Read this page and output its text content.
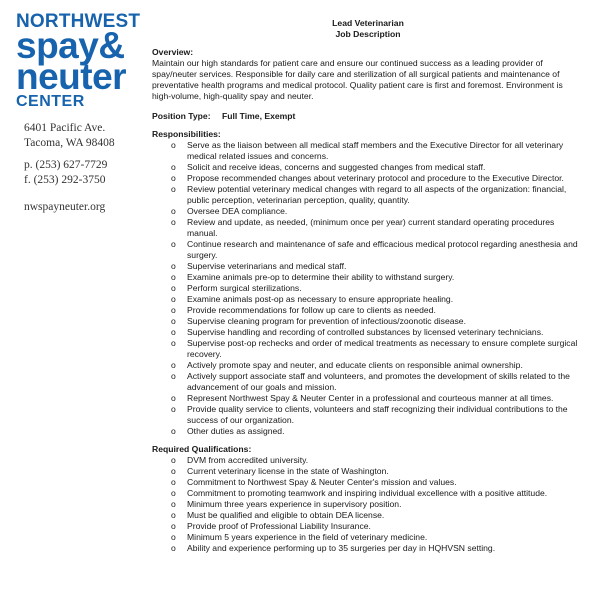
NORTHWEST
spay&
neuter
CENTER
6401 Pacific Ave.
Tacoma, WA 98408
p. (253) 627-7729
f. (253) 292-3750
nwspayneuter.org
Lead Veterinarian
Job Description
Overview:
Maintain our high standards for patient care and ensure our continued success as a leading provider of spay/neuter services. Responsible for daily care and sterilization of all surgical patients and maintenance of preventative health programs and medical protocol. Quality patient care is first and foremost. Environment is high-volume, high-quality spay and neuter.
Position Type:	Full Time, Exempt
Responsibilities:
o Serve as the liaison between all medical staff members and the Executive Director for all veterinary medical related issues and concerns.
o Solicit and receive ideas, concerns and suggested changes from medical staff.
o Propose recommended changes about veterinary protocol and procedure to the Executive Director.
o Review potential veterinary medical changes with regard to all aspects of the organization: financial, public perception, veterinarian perception, quality, quantity.
o Oversee DEA compliance.
o Review and update, as needed, (minimum once per year) current standard operating procedures manual.
o Continue research and maintenance of safe and efficacious medical protocol regarding anesthesia and surgery.
o Supervise veterinarians and medical staff.
o Examine animals pre-op to determine their ability to withstand surgery.
o Perform surgical sterilizations.
o Examine animals post-op as necessary to ensure appropriate healing.
o Provide recommendations for follow up care to clients as needed.
o Supervise cleaning program for prevention of infectious/zoonotic disease.
o Supervise handling and recording of controlled substances by licensed veterinary technicians.
o Supervise post-op rechecks and order of medical treatments as necessary to ensure complete surgical recovery.
o Actively promote spay and neuter, and educate clients on responsible animal ownership.
o Actively support associate staff and volunteers, and promotes the development of skills related to the advancement of our goals and mission.
o Represent Northwest Spay & Neuter Center in a professional and courteous manner at all times.
o Provide quality service to clients, volunteers and staff recognizing their individual contributions to the success of our organization.
o Other duties as assigned.
Required Qualifications:
o DVM from accredited university.
o Current veterinary license in the state of Washington.
o Commitment to Northwest Spay & Neuter Center's mission and values.
o Commitment to promoting teamwork and inspiring individual excellence with a positive attitude.
o Minimum three years experience in supervisory position.
o Must be qualified and eligible to obtain DEA license.
o Provide proof of Professional Liability Insurance.
o Minimum 5 years experience in the field of veterinary medicine.
o Ability and experience performing up to 35 surgeries per day in HQHVSN setting.
